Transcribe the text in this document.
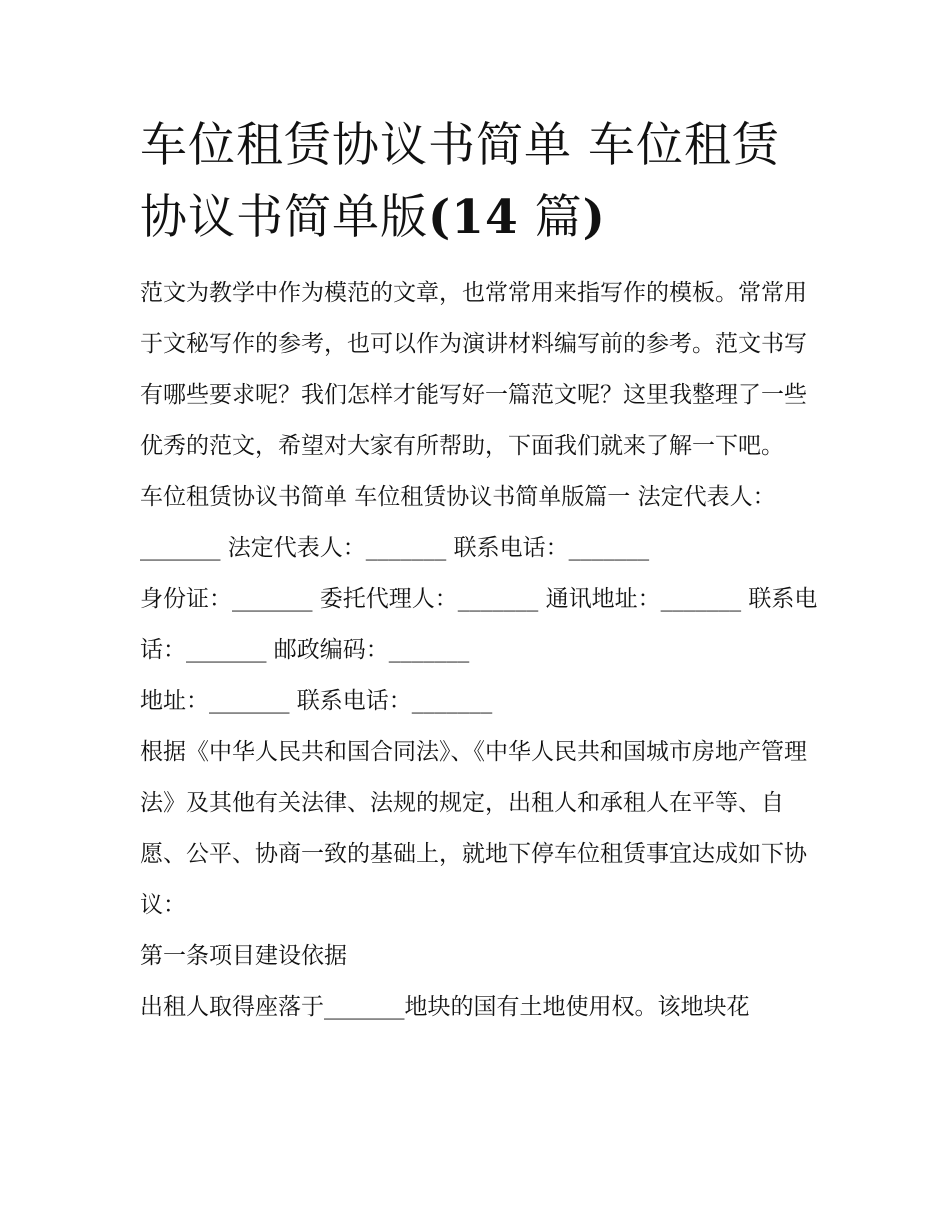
车位租赁协议书简单 车位租赁
协议书简单版(14 篇)

范文为教学中作为模范的文章，也常常用来指写作的模板。常常用于文秘写作的参考，也可以作为演讲材料编写前的参考。范文书写有哪些要求呢？我们怎样才能写好一篇范文呢？这里我整理了一些优秀的范文，希望对大家有所帮助，下面我们就来了解一下吧。

车位租赁协议书简单 车位租赁协议书简单版篇一 法定代表人：_______ 法定代表人：_______ 联系电话：_______

身份证：_______ 委托代理人：_______ 通讯地址：_______ 联系电话：_______ 邮政编码：_______

地址：_______ 联系电话：_______

根据《中华人民共和国合同法》、《中华人民共和国城市房地产管理法》及其他有关法律、法规的规定，出租人和承租人在平等、自愿、公平、协商一致的基础上，就地下停车位租赁事宜达成如下协议：

第一条项目建设依据

出租人取得座落于_______地块的国有土地使用权。该地块花
